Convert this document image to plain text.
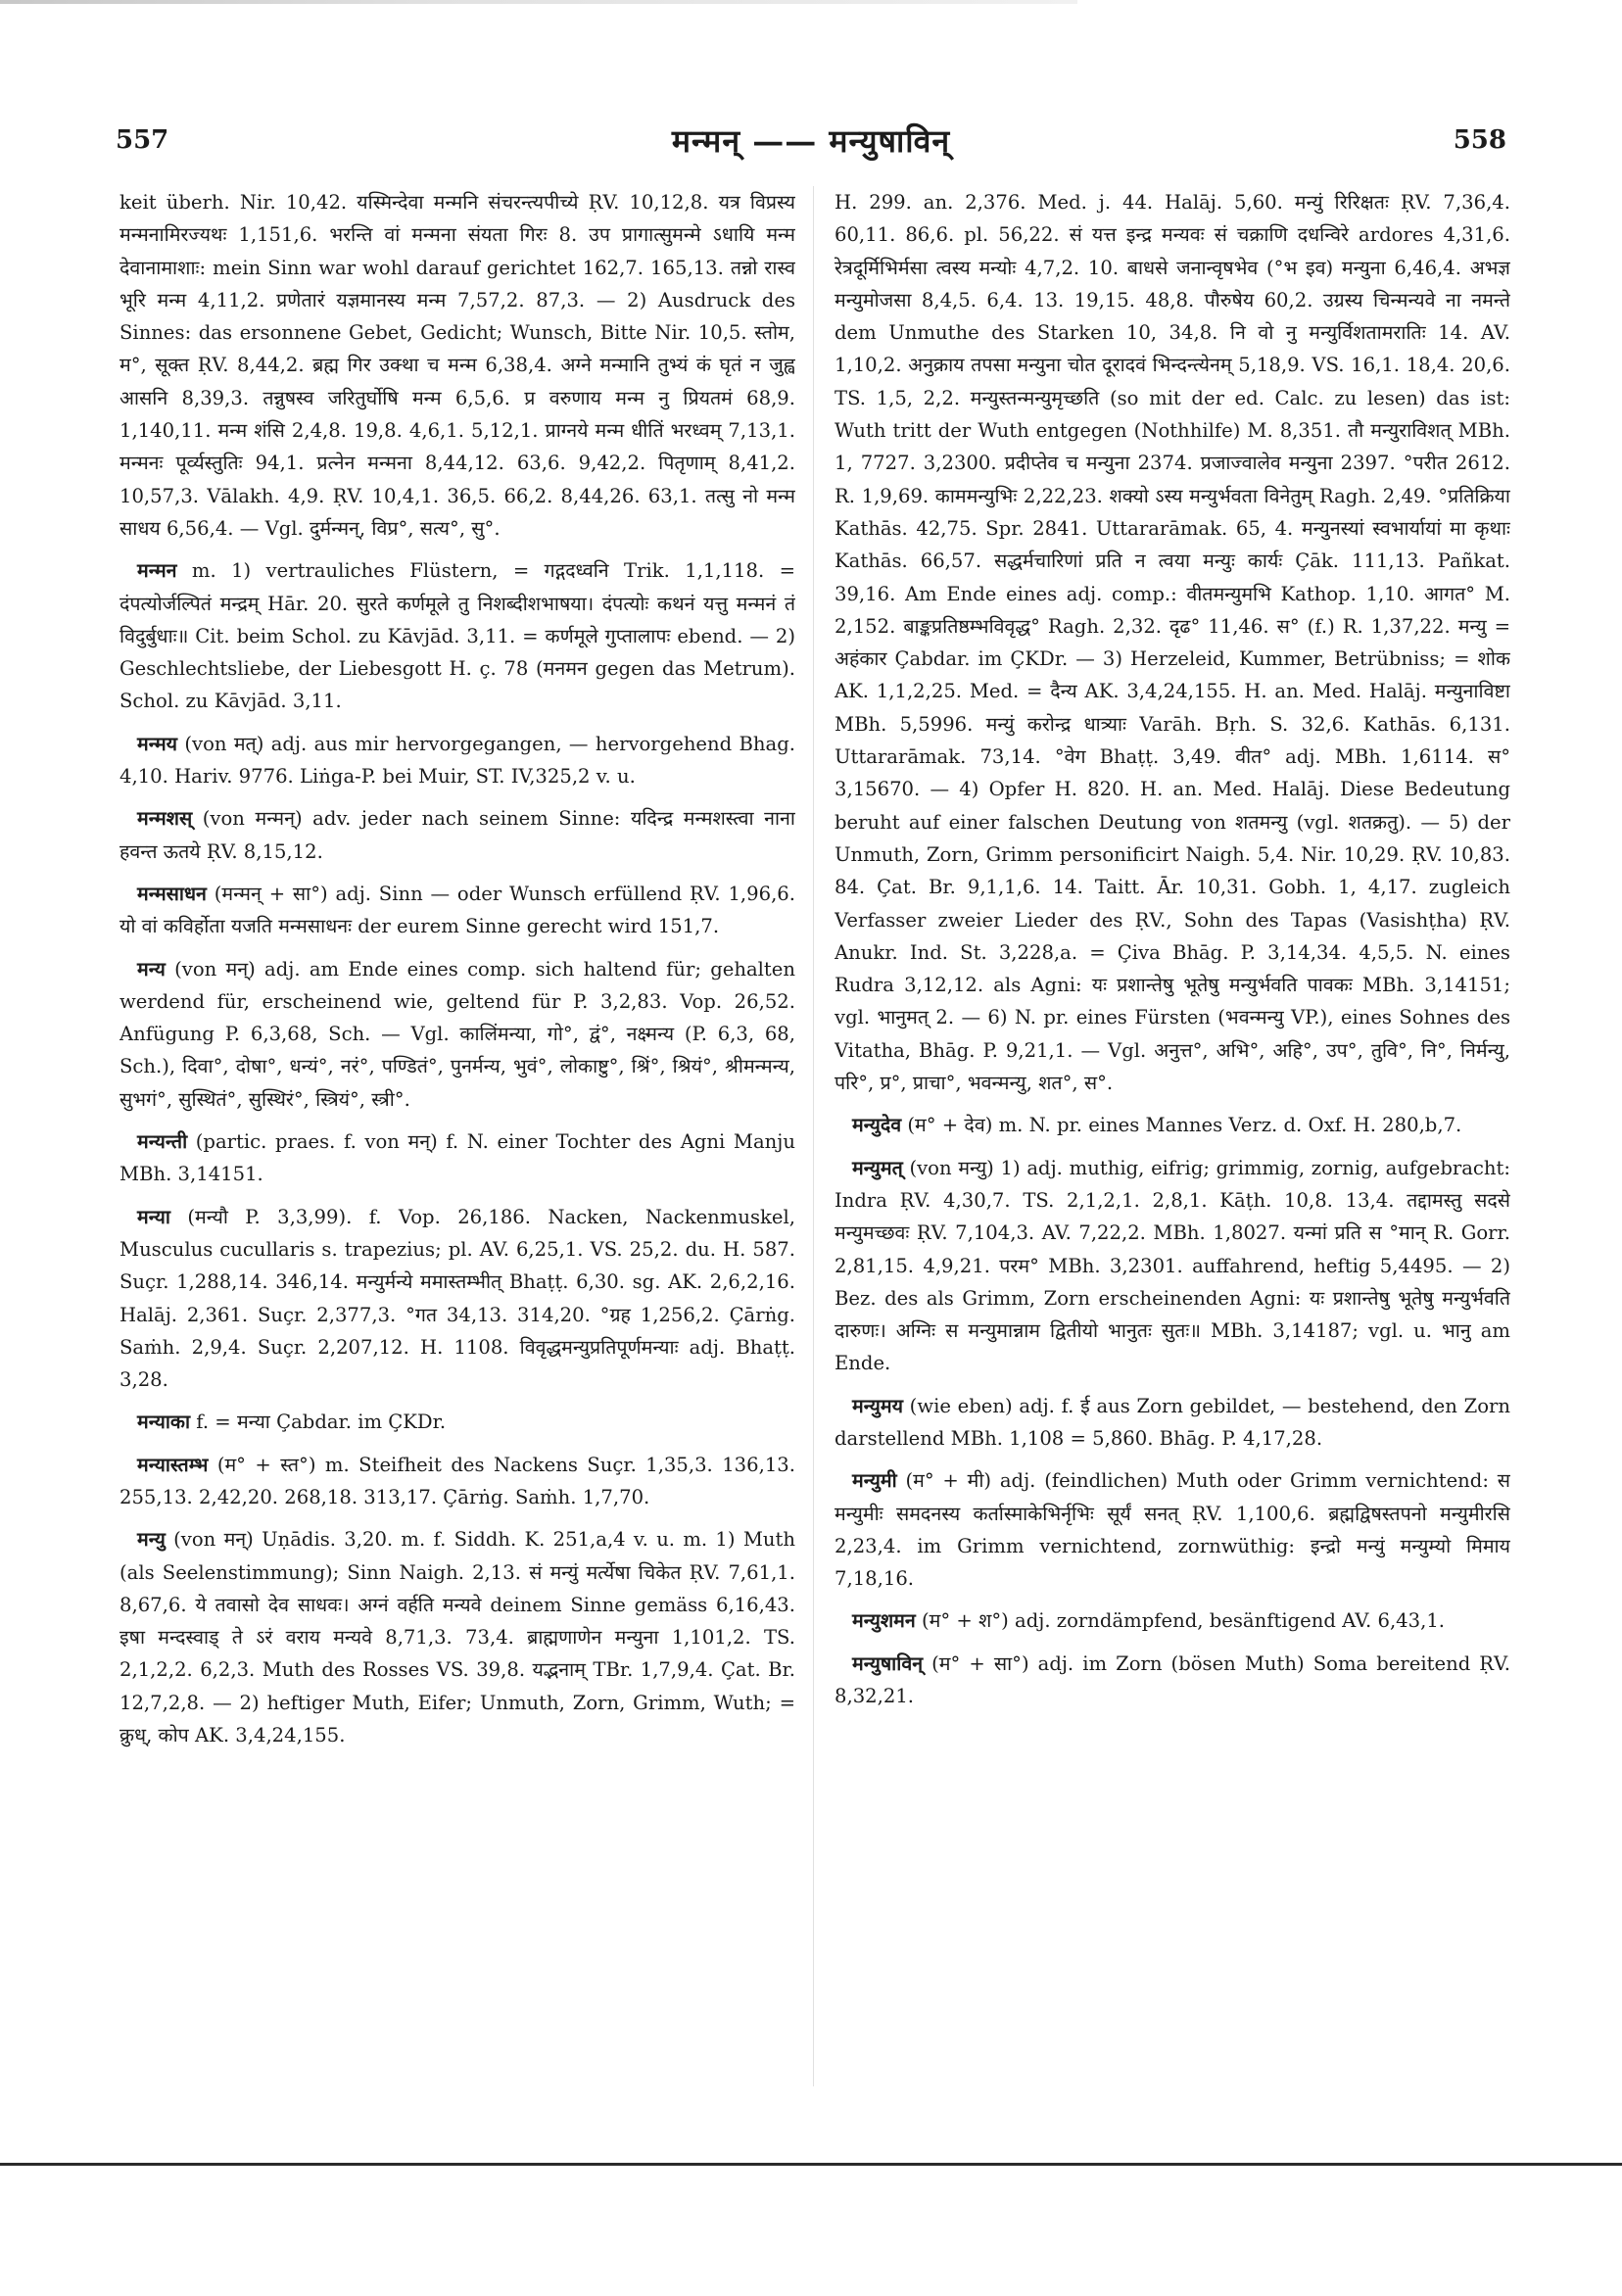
557	मन्मन् —— मन्युषाविन्	558

keit überh. Nir. 10,42. यस्मिन्देवा मन्मनि संचरन्त्यपीच्ये ṚV. 10,12,8. यत्र विप्रस्य मन्मनामिरज्यथः 1,151,6. भरन्ति वां मन्मना संयता गिरः 8. उप प्रागात्सुमन्मे ऽधायि मन्म देवानामाशाः: mein Sinn war wohl darauf gerichtet 162,7. 165,13. तन्नो रास्व भूरि मन्म 4,11,2. प्रणेतारं यज्ञमानस्य मन्म 7,57,2. 87,3. — 2) Ausdruck des Sinnes: das ersonnene Gebet, Gedicht; Wunsch, Bitte Nir. 10,5. स्तोम, म°, सूक्त ṚV. 8,44,2. ब्रह्म गिर उक्था च मन्म 6,38,4. अग्ने मन्मानि तुभ्यं कं घृतं न जुह्व आसनि 8,39,3. तन्नुषस्व जरितुर्घोषि मन्म 6,5,6. प्र वरुणाय मन्म नु प्रियतमं 68,9. 1,140,11. मन्म शंसि 2,4,8. 19,8. 4,6,1. 5,12,1. प्राग्नये मन्म धीतिं भरध्वम् 7,13,1. मन्मनः पूर्व्यस्तुतिः 94,1. प्रत्नेन मन्मना 8,44,12. 63,6. 9,42,2. पितृणाम् 8,41,2. 10,57,3. Vālakh. 4,9. ṚV. 10,4,1. 36,5. 66,2. 8,44,26. 63,1. तत्सु नो मन्म साधय 6,56,4. — Vgl. दुर्मन्मन्, विप्र°, सत्य°, सु°.

मन्मन m. 1) vertrauliches Flüstern, = गद्गदध्वनि Trik. 1,1,118. = दंपत्योर्जल्पितं मन्द्रम् Hār. 20. सुरते कर्णमूले तु निशब्दीशभाषया। दंपत्योः कथनं यत्तु मन्मनं तं विदुर्बुधाः॥ Cit. beim Schol. zu Kāvjād. 3,11. = कर्णमूले गुप्तालापः ebend. — 2) Geschlechtsliebe, der Liebesgott H. ç. 78 (मनमन gegen das Metrum). Schol. zu Kāvjād. 3,11.

मन्मय (von मत्) adj. aus mir hervorgegangen, — hervorgehend Bhag. 4,10. Hariv. 9776. Liṅga-P. bei Muir, ST. IV,325,2 v. u.

मन्मशस् (von मन्मन्) adv. jeder nach seinem Sinne: यदिन्द्र मन्मशस्त्वा नाना हवन्त ऊतये ṚV. 8,15,12.

मन्मसाधन (मन्मन् + सा°) adj. Sinn — oder Wunsch erfüllend ṚV. 1,96,6. यो वां कविर्होता यजति मन्मसाधनः der eurem Sinne gerecht wird 151,7.

मन्य (von मन्) adj. am Ende eines comp. sich haltend für; gehalten werdend für, erscheinend wie, geltend für P. 3,2,83. Vop. 26,52. Anfügung P. 6,3,68, Sch. — Vgl. कालिंमन्या, गो°, द्वं°, नक्ष्मन्य (P. 6,3, 68, Sch.), दिवा°, दोषा°, धन्यं°, नरं°, पण्डितं°, पुनर्मन्य, भुवं°, लोकाष्टु°, श्रिं°, श्रियं°, श्रीमन्मन्य, सुभगं°, सुस्थितं°, सुस्थिरं°, स्त्रियं°, स्त्री°.

मन्यन्ती (partic. praes. f. von मन्) f. N. einer Tochter des Agni Manju MBh. 3,14151.

मन्या (मन्यौ P. 3,3,99). f. Vop. 26,186. Nacken, Nackenmuskel, Musculus cucullaris s. trapezius; pl. AV. 6,25,1. VS. 25,2. du. H. 587. Suçr. 1,288,14. 346,14. मन्युर्मन्ये ममास्तम्भीत् Bhaṭṭ. 6,30. sg. AK. 2,6,2,16. Halāj. 2,361. Suçr. 2,377,3. °गत 34,13. 314,20. °ग्रह 1,256,2. Çārṅg. Saṁh. 2,9,4. Suçr. 2,207,12. H. 1108. विवृद्धमन्युप्रतिपूर्णमन्याः adj. Bhaṭṭ. 3,28.

मन्याका f. = मन्या Çabdar. im ÇKDr.

मन्यास्तम्भ (म° + स्त°) m. Steifheit des Nackens Suçr. 1,35,3. 136,13. 255,13. 2,42,20. 268,18. 313,17. Çārṅg. Saṁh. 1,7,70.

मन्यु (von मन्) Uṇādis. 3,20. m. f. Siddh. K. 251,a,4 v. u. m. 1) Muth (als Seelenstimmung); Sinn Naigh. 2,13. सं मन्युं मर्त्येषा चिकेत ṚV. 7,61,1. 8,67,6. ये तवासो देव साधवः। अग्नं वर्हति मन्यवे deinem Sinne gemäss 6,16,43. इषा मन्दस्वाड् ते ऽरं वराय मन्यवे 8,71,3. 73,4. ब्राह्मणाणेन मन्युना 1,101,2. TS. 2,1,2,2. 6,2,3. Muth des Rosses VS. 39,8. यद्भनाम् TBr. 1,7,9,4. Çat. Br. 12,7,2,8. — 2) heftiger Muth, Eifer; Unmuth, Zorn, Grimm, Wuth; = क्रुध्, कोप AK. 3,4,24,155.

H. 299. an. 2,376. Med. j. 44. Halāj. 5,60. मन्युं रिरिक्षतः ṚV. 7,36,4. 60,11. 86,6. pl. 56,22. सं यत्त इन्द्र मन्यवः सं चक्राणि दधन्विरे ardores 4,31,6. रेत्रदूर्मिभिर्मसा त्वस्य मन्योः 4,7,2. 10. बाधसे जनान्वृषभेव (°भ इव) मन्युना 6,46,4. अभज्ञ मन्युमोजसा 8,4,5. 6,4. 13. 19,15. 48,8. पौरुषेय 60,2. उग्रस्य चिन्मन्यवे ना नमन्ते dem Unmuthe des Starken 10, 34,8. नि वो नु मन्युर्विशतामरातिः 14. AV. 1,10,2. अनुक्राय तपसा मन्युना चोत दूरादवं भिन्दन्त्येनम् 5,18,9. VS. 16,1. 18,4. 20,6. TS. 1,5, 2,2. मन्युस्तन्मन्युमृच्छति (so mit der ed. Calc. zu lesen) das ist: Wuth tritt der Wuth entgegen (Nothhilfe) M. 8,351. तौ मन्युराविशत् MBh. 1, 7727. 3,2300. प्रदीप्तेव च मन्युना 2374. प्रजाज्वालेव मन्युना 2397. °परीत 2612. R. 1,9,69. काममन्युभिः 2,22,23. शक्यो ऽस्य मन्युर्भवता विनेतुम् Ragh. 2,49. °प्रतिक्रिया Kathās. 42,75. Spr. 2841. Uttararāmak. 65, 4. मन्युनस्यां स्वभार्यायां मा कृथाः Kathās. 66,57. सद्धर्मचारिणां प्रति न त्वया मन्युः कार्यः Çāk. 111,13. Pañkat. 39,16. Am Ende eines adj. comp.: वीतमन्युमभि Kathop. 1,10. आगत° M. 2,152. बाङ्कप्रतिष्ठम्भविवृद्ध° Ragh. 2,32. दृढ° 11,46. स° (f.) R. 1,37,22. मन्यु = अहंकार Çabdar. im ÇKDr. — 3) Herzeleid, Kummer, Betrübniss; = शोक AK. 1,1,2,25. Med. = दैन्य AK. 3,4,24,155. H. an. Med. Halāj. मन्युनाविष्टा MBh. 5,5996. मन्युं करोन्द्र धात्र्याः Varāh. Bṛh. S. 32,6. Kathās. 6,131. Uttararāmak. 73,14. °वेग Bhaṭṭ. 3,49. वीत° adj. MBh. 1,6114. स° 3,15670. — 4) Opfer H. 820. H. an. Med. Halāj. Diese Bedeutung beruht auf einer falschen Deutung von शतमन्यु (vgl. शतक्रतु). — 5) der Unmuth, Zorn, Grimm personificirt Naigh. 5,4. Nir. 10,29. ṚV. 10,83. 84. Çat. Br. 9,1,1,6. 14. Taitt. Ār. 10,31. Gobh. 1, 4,17. zugleich Verfasser zweier Lieder des ṚV., Sohn des Tapas (Vasishṭha) ṚV. Anukr. Ind. St. 3,228,a. = Çiva Bhāg. P. 3,14,34. 4,5,5. N. eines Rudra 3,12,12. als Agni: यः प्रशान्तेषु भूतेषु मन्युर्भवति पावकः MBh. 3,14151; vgl. भानुमत् 2. — 6) N. pr. eines Fürsten (भवन्मन्यु VP.), eines Sohnes des Vitatha, Bhāg. P. 9,21,1. — Vgl. अनुत्त°, अभि°, अहि°, उप°, तुवि°, नि°, निर्मन्यु, परि°, प्र°, प्राचा°, भवन्मन्यु, शत°, स°.

मन्युदेव (म° + देव) m. N. pr. eines Mannes Verz. d. Oxf. H. 280,b,7.

मन्युमत् (von मन्यु) 1) adj. muthig, eifrig; grimmig, zornig, aufgebracht: Indra ṚV. 4,30,7. TS. 2,1,2,1. 2,8,1. Kāṭh. 10,8. 13,4. तद्दामस्तु सदसे मन्युमच्छवः ṚV. 7,104,3. AV. 7,22,2. MBh. 1,8027. यन्मां प्रति स °मान् R. Gorr. 2,81,15. 4,9,21. परम° MBh. 3,2301. auffahrend, heftig 5,4495. — 2) Bez. des als Grimm, Zorn erscheinenden Agni: यः प्रशान्तेषु भूतेषु मन्युर्भवति दारुणः। अग्निः स मन्युमान्नाम द्वितीयो भानुतः सुतः॥ MBh. 3,14187; vgl. u. भानु am Ende.

मन्युमय (wie eben) adj. f. ई aus Zorn gebildet, — bestehend, den Zorn darstellend MBh. 1,108 = 5,860. Bhāg. P. 4,17,28.

मन्युमी (म° + मी) adj. (feindlichen) Muth oder Grimm vernichtend: स मन्युमीः समदनस्य कर्तास्माकेभिर्नृभिः सूर्यं सनत् ṚV. 1,100,6. ब्रह्मद्विषस्तपनो मन्युमीरसि 2,23,4. im Grimm vernichtend, zornwüthig: इन्द्रो मन्युं मन्युम्यो मिमाय 7,18,16.

मन्युशमन (म° + श°) adj. zorndämpfend, besänftigend AV. 6,43,1.

मन्युषाविन् (म° + सा°) adj. im Zorn (bösen Muth) Soma bereitend ṚV. 8,32,21.
